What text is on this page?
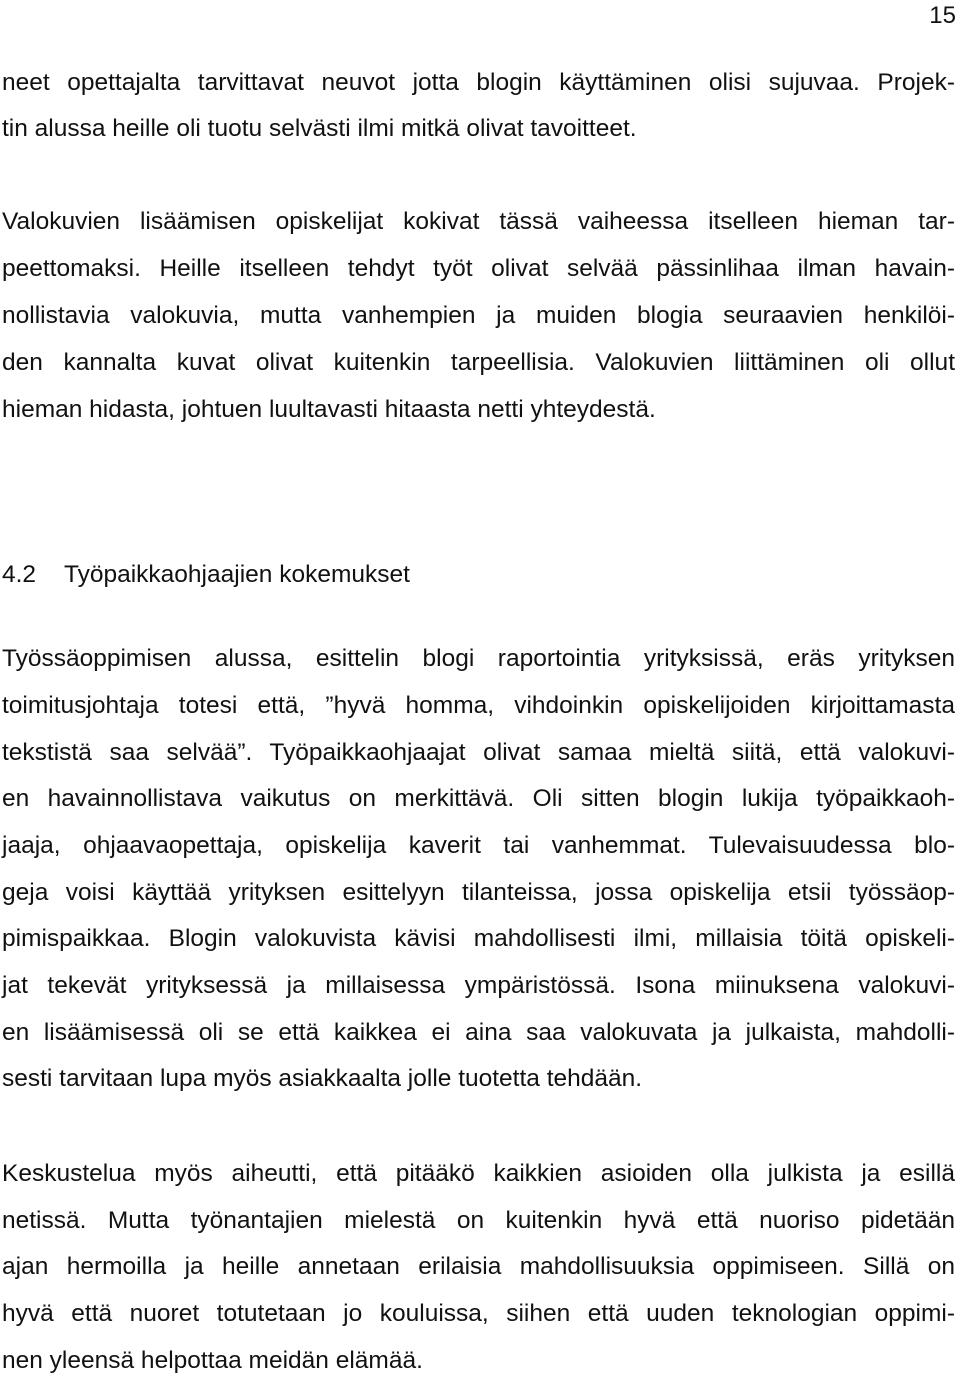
15
neet opettajalta tarvittavat neuvot jotta blogin käyttäminen olisi sujuvaa. Projek-
tin alussa heille oli tuotu selvästi ilmi mitkä olivat tavoitteet.
Valokuvien lisäämisen opiskelijat kokivat tässä vaiheessa itselleen hieman tar-
peettomaksi. Heille itselleen tehdyt työt olivat selvää pässinlihaa ilman havain-
nollistavia valokuvia, mutta vanhempien ja muiden blogia seuraavien henkilöi-
den kannalta kuvat olivat kuitenkin tarpeellisia. Valokuvien liittäminen oli ollut
hieman hidasta, johtuen luultavasti hitaasta netti yhteydestä.
4.2 Työpaikkaohjaajien kokemukset
Työssäoppimisen alussa, esittelin blogi raportointia yrityksissä, eräs yrityksen
toimitusjohtaja totesi että, ”hyvä homma, vihdoinkin opiskelijoiden kirjoittamasta
tekstistä saa selvää”. Työpaikkaohjaajat olivat samaa mieltä siitä, että valokuvi-
en havainnollistava vaikutus on merkittävä. Oli sitten blogin lukija työpaikkaoh-
jaaja, ohjaavaopettaja, opiskelija kaverit tai vanhemmat. Tulevaisuudessa blo-
geja voisi käyttää yrityksen esittelyyn tilanteissa, jossa opiskelija etsii työssäop-
pimispaikkaa. Blogin valokuvista kävisi mahdollisesti ilmi, millaisia töitä opiskeli-
jat tekevät yrityksessä ja millaisessa ympäristössä. Isona miinuksena valokuvi-
en lisäämisessä oli se että kaikkea ei aina saa valokuvata ja julkaista, mahdolli-
sesti tarvitaan lupa myös asiakkaalta jolle tuotetta tehdään.
Keskustelua myös aiheutti, että pitääkö kaikkien asioiden olla julkista ja esillä
netissä. Mutta työnantajien mielestä on kuitenkin hyvä että nuoriso pidetään
ajan hermoilla ja heille annetaan erilaisia mahdollisuuksia oppimiseen. Sillä on
hyvä että nuoret totutetaan jo kouluissa, siihen että uuden teknologian oppimi-
nen yleensä helpottaa meidän elämää.
